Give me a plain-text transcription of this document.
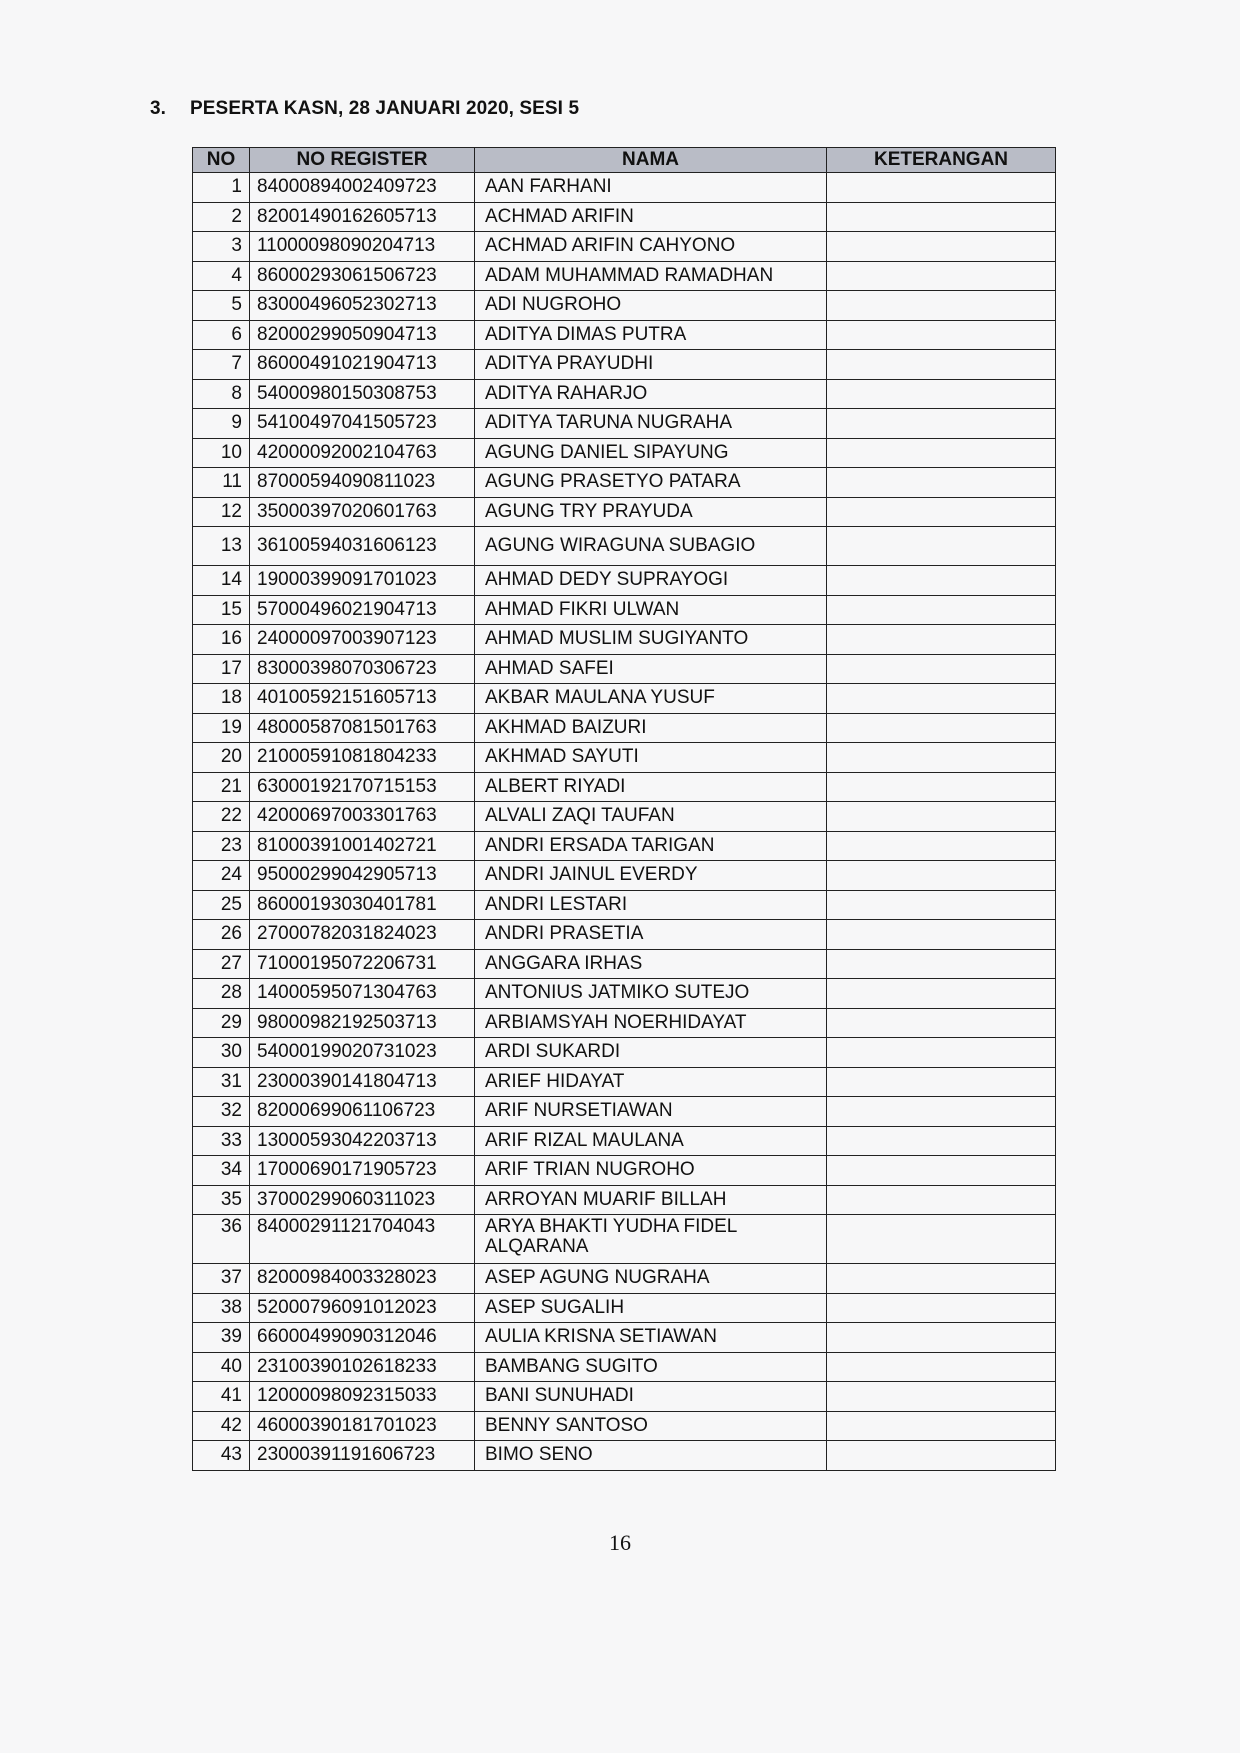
3. PESERTA KASN, 28 JANUARI 2020, SESI 5
NO	NO REGISTER	NAMA	KETERANGAN
1	84000894002409723	AAN FARHANI	
2	82001490162605713	ACHMAD ARIFIN	
3	11000098090204713	ACHMAD ARIFIN CAHYONO	
4	86000293061506723	ADAM MUHAMMAD RAMADHAN	
5	83000496052302713	ADI NUGROHO	
6	82000299050904713	ADITYA DIMAS PUTRA	
7	86000491021904713	ADITYA PRAYUDHI	
8	54000980150308753	ADITYA RAHARJO	
9	54100497041505723	ADITYA TARUNA NUGRAHA	
10	42000092002104763	AGUNG DANIEL SIPAYUNG	
11	87000594090811023	AGUNG PRASETYO PATARA	
12	35000397020601763	AGUNG TRY PRAYUDA	
13	36100594031606123	AGUNG WIRAGUNA SUBAGIO	
14	19000399091701023	AHMAD DEDY SUPRAYOGI	
15	57000496021904713	AHMAD FIKRI ULWAN	
16	24000097003907123	AHMAD MUSLIM SUGIYANTO	
17	83000398070306723	AHMAD SAFEI	
18	40100592151605713	AKBAR MAULANA YUSUF	
19	48000587081501763	AKHMAD BAIZURI	
20	21000591081804233	AKHMAD SAYUTI	
21	63000192170715153	ALBERT RIYADI	
22	42000697003301763	ALVALI ZAQI TAUFAN	
23	81000391001402721	ANDRI ERSADA TARIGAN	
24	95000299042905713	ANDRI JAINUL EVERDY	
25	86000193030401781	ANDRI LESTARI	
26	27000782031824023	ANDRI PRASETIA	
27	71000195072206731	ANGGARA IRHAS	
28	14000595071304763	ANTONIUS JATMIKO SUTEJO	
29	98000982192503713	ARBIAMSYAH NOERHIDAYAT	
30	54000199020731023	ARDI SUKARDI	
31	23000390141804713	ARIEF HIDAYAT	
32	82000699061106723	ARIF NURSETIAWAN	
33	13000593042203713	ARIF RIZAL MAULANA	
34	17000690171905723	ARIF TRIAN NUGROHO	
35	37000299060311023	ARROYAN MUARIF BILLAH	
36	84000291121704043	ARYA BHAKTI YUDHA FIDEL ALQARANA	
37	82000984003328023	ASEP AGUNG NUGRAHA	
38	52000796091012023	ASEP SUGALIH	
39	66000499090312046	AULIA KRISNA SETIAWAN	
40	23100390102618233	BAMBANG SUGITO	
41	12000098092315033	BANI SUNUHADI	
42	46000390181701023	BENNY SANTOSO	
43	23000391191606723	BIMO SENO	
16
